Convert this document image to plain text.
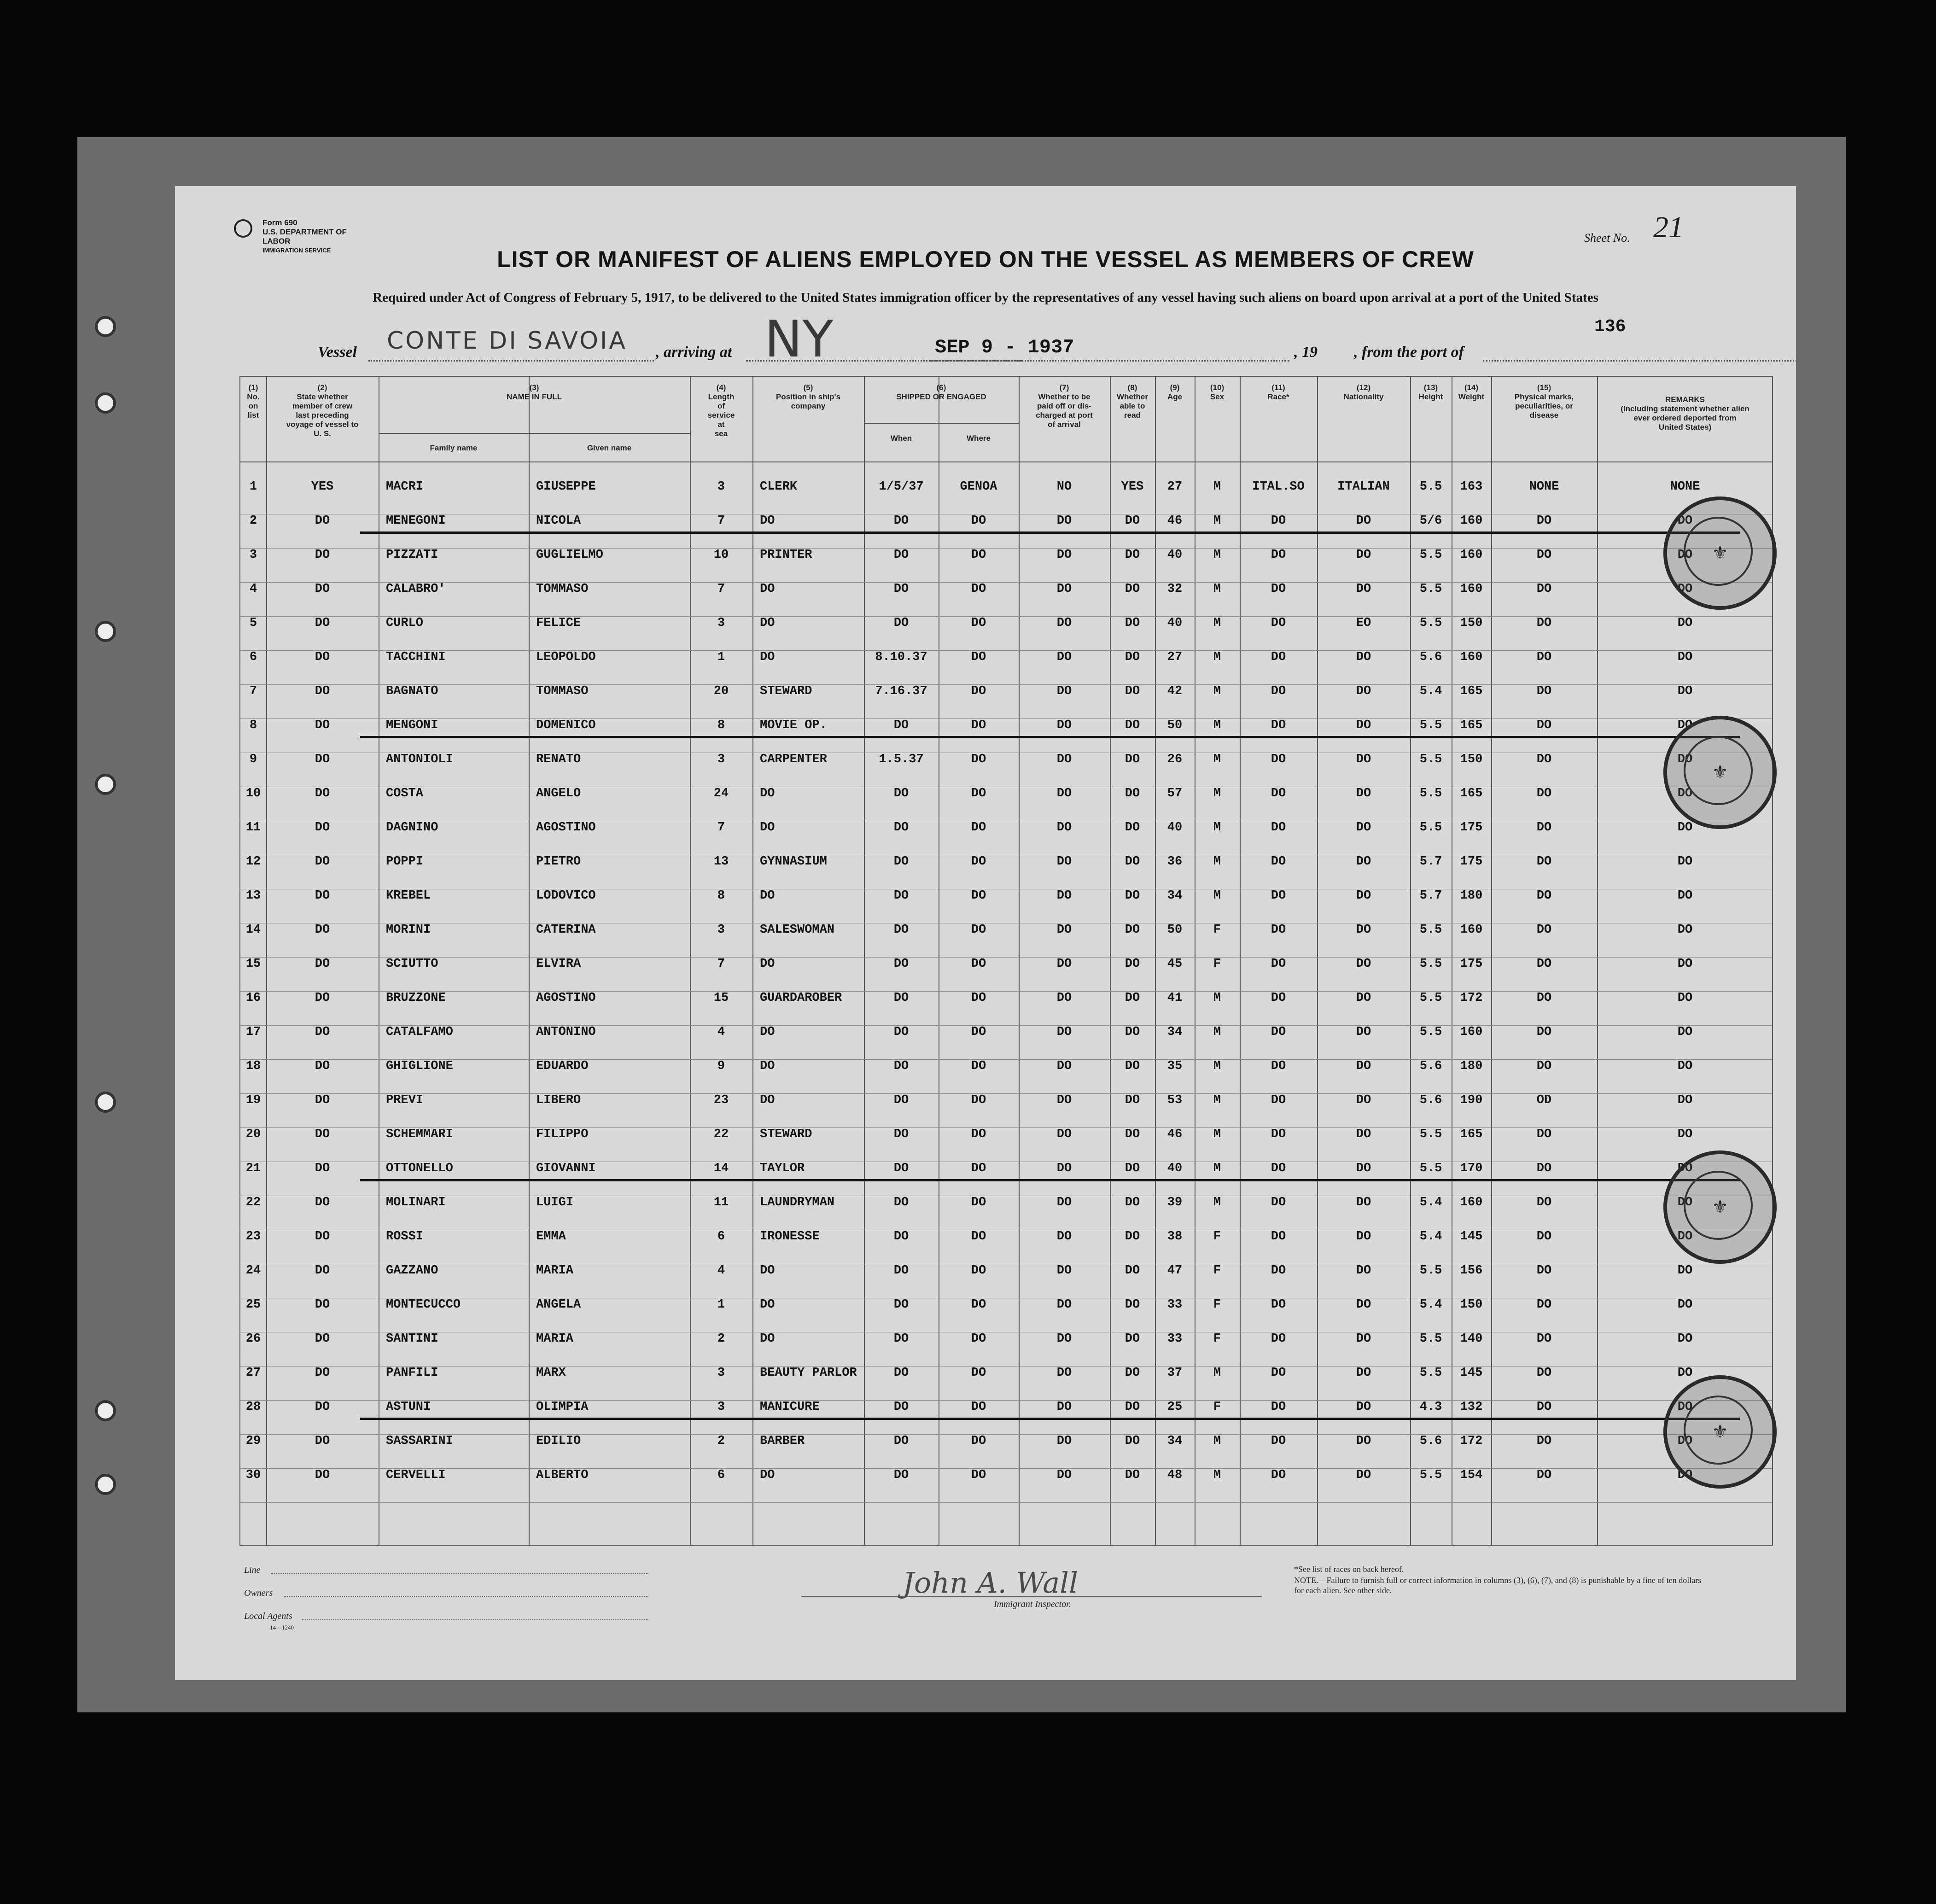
Form 690
U.S. DEPARTMENT OF LABOR
IMMIGRATION SERVICE
Sheet No. 21
LIST OR MANIFEST OF ALIENS EMPLOYED ON THE VESSEL AS MEMBERS OF CREW
Required under Act of Congress of February 5, 1917, to be delivered to the United States immigration officer by the representatives of any vessel having such aliens on board upon arrival at a port of the United States
136
Vessel CONTE DI SAVOIA , arriving at NY	SEP 9 - 1937	, 19 , from the port of
(1)
No.
on
list
(2)
State whether
member of crew
last preceding
voyage of vessel to
U. S.
(3)
NAME IN FULL
Family name	Given name
(4)
Length
of
service
at
sea
(5)
Position in ship's
company
(6)
SHIPPED OR ENGAGED
When	Where
(7)
Whether to be
paid off or dis-
charged at port
of arrival
(8)
Whether
able to
read
(9)
Age
(10)
Sex
(11)
Race*
(12)
Nationality
(13)
Height
(14)
Weight
(15)
Physical marks,
peculiarities, or
disease
REMARKS
(Including statement whether alien
ever ordered deported from
United States)
1	YES	MACRI	GIUSEPPE	3	CLERK	1/5/37	GENOA	NO	YES	27	M	ITAL.SO	ITALIAN	5.5	163	NONE	NONE
2	DO	MENEGONI	NICOLA	7	DO	DO	DO	DO	DO	46	M	DO	DO	5/6	160	DO	DO
3	DO	PIZZATI	GUGLIELMO	10	PRINTER	DO	DO	DO	DO	40	M	DO	DO	5.5	160	DO	DO
4	DO	CALABRO'	TOMMASO	7	DO	DO	DO	DO	DO	32	M	DO	DO	5.5	160	DO	DO
5	DO	CURLO	FELICE	3	DO	DO	DO	DO	DO	40	M	DO	EO	5.5	150	DO	DO
6	DO	TACCHINI	LEOPOLDO	1	DO	8.10.37	DO	DO	DO	27	M	DO	DO	5.6	160	DO	DO
7	DO	BAGNATO	TOMMASO	20	STEWARD	7.16.37	DO	DO	DO	42	M	DO	DO	5.4	165	DO	DO
8	DO	MENGONI	DOMENICO	8	MOVIE OP.	DO	DO	DO	DO	50	M	DO	DO	5.5	165	DO	DO
9	DO	ANTONIOLI	RENATO	3	CARPENTER	1.5.37	DO	DO	DO	26	M	DO	DO	5.5	150	DO	DO
10	DO	COSTA	ANGELO	24	DO	DO	DO	DO	DO	57	M	DO	DO	5.5	165	DO	DO
11	DO	DAGNINO	AGOSTINO	7	DO	DO	DO	DO	DO	40	M	DO	DO	5.5	175	DO	DO
12	DO	POPPI	PIETRO	13	GYNNASIUM	DO	DO	DO	DO	36	M	DO	DO	5.7	175	DO	DO
13	DO	KREBEL	LODOVICO	8	DO	DO	DO	DO	DO	34	M	DO	DO	5.7	180	DO	DO
14	DO	MORINI	CATERINA	3	SALESWOMAN	DO	DO	DO	DO	50	F	DO	DO	5.5	160	DO	DO
15	DO	SCIUTTO	ELVIRA	7	DO	DO	DO	DO	DO	45	F	DO	DO	5.5	175	DO	DO
16	DO	BRUZZONE	AGOSTINO	15	GUARDAROBER	DO	DO	DO	DO	41	M	DO	DO	5.5	172	DO	DO
17	DO	CATALFAMO	ANTONINO	4	DO	DO	DO	DO	DO	34	M	DO	DO	5.5	160	DO	DO
18	DO	GHIGLIONE	EDUARDO	9	DO	DO	DO	DO	DO	35	M	DO	DO	5.6	180	DO	DO
19	DO	PREVI	LIBERO	23	DO	DO	DO	DO	DO	53	M	DO	DO	5.6	190	OD	DO
20	DO	SCHEMMARI	FILIPPO	22	STEWARD	DO	DO	DO	DO	46	M	DO	DO	5.5	165	DO	DO
21	DO	OTTONELLO	GIOVANNI	14	TAYLOR	DO	DO	DO	DO	40	M	DO	DO	5.5	170	DO	DO
22	DO	MOLINARI	LUIGI	11	LAUNDRYMAN	DO	DO	DO	DO	39	M	DO	DO	5.4	160	DO	DO
23	DO	ROSSI	EMMA	6	IRONESSE	DO	DO	DO	DO	38	F	DO	DO	5.4	145	DO	DO
24	DO	GAZZANO	MARIA	4	DO	DO	DO	DO	DO	47	F	DO	DO	5.5	156	DO	DO
25	DO	MONTECUCCO	ANGELA	1	DO	DO	DO	DO	DO	33	F	DO	DO	5.4	150	DO	DO
26	DO	SANTINI	MARIA	2	DO	DO	DO	DO	DO	33	F	DO	DO	5.5	140	DO	DO
27	DO	PANFILI	MARX	3	BEAUTY PARLOR	DO	DO	DO	DO	37	M	DO	DO	5.5	145	DO	DO
28	DO	ASTUNI	OLIMPIA	3	MANICURE	DO	DO	DO	DO	25	F	DO	DO	4.3	132	DO	DO
29	DO	SASSARINI	EDILIO	2	BARBER	DO	DO	DO	DO	34	M	DO	DO	5.6	172	DO	DO
30	DO	CERVELLI	ALBERTO	6	DO	DO	DO	DO	DO	48	M	DO	DO	5.5	154	DO	DO
⚜
⚜
⚜
⚜
Line
Owners
Local Agents
14—1240
John A. Wall
Immigrant Inspector.
*See list of races on back hereof.
NOTE.—Failure to furnish full or correct information in columns (3), (6), (7), and (8) is punishable by a fine of ten dollars for each alien. See other side.
